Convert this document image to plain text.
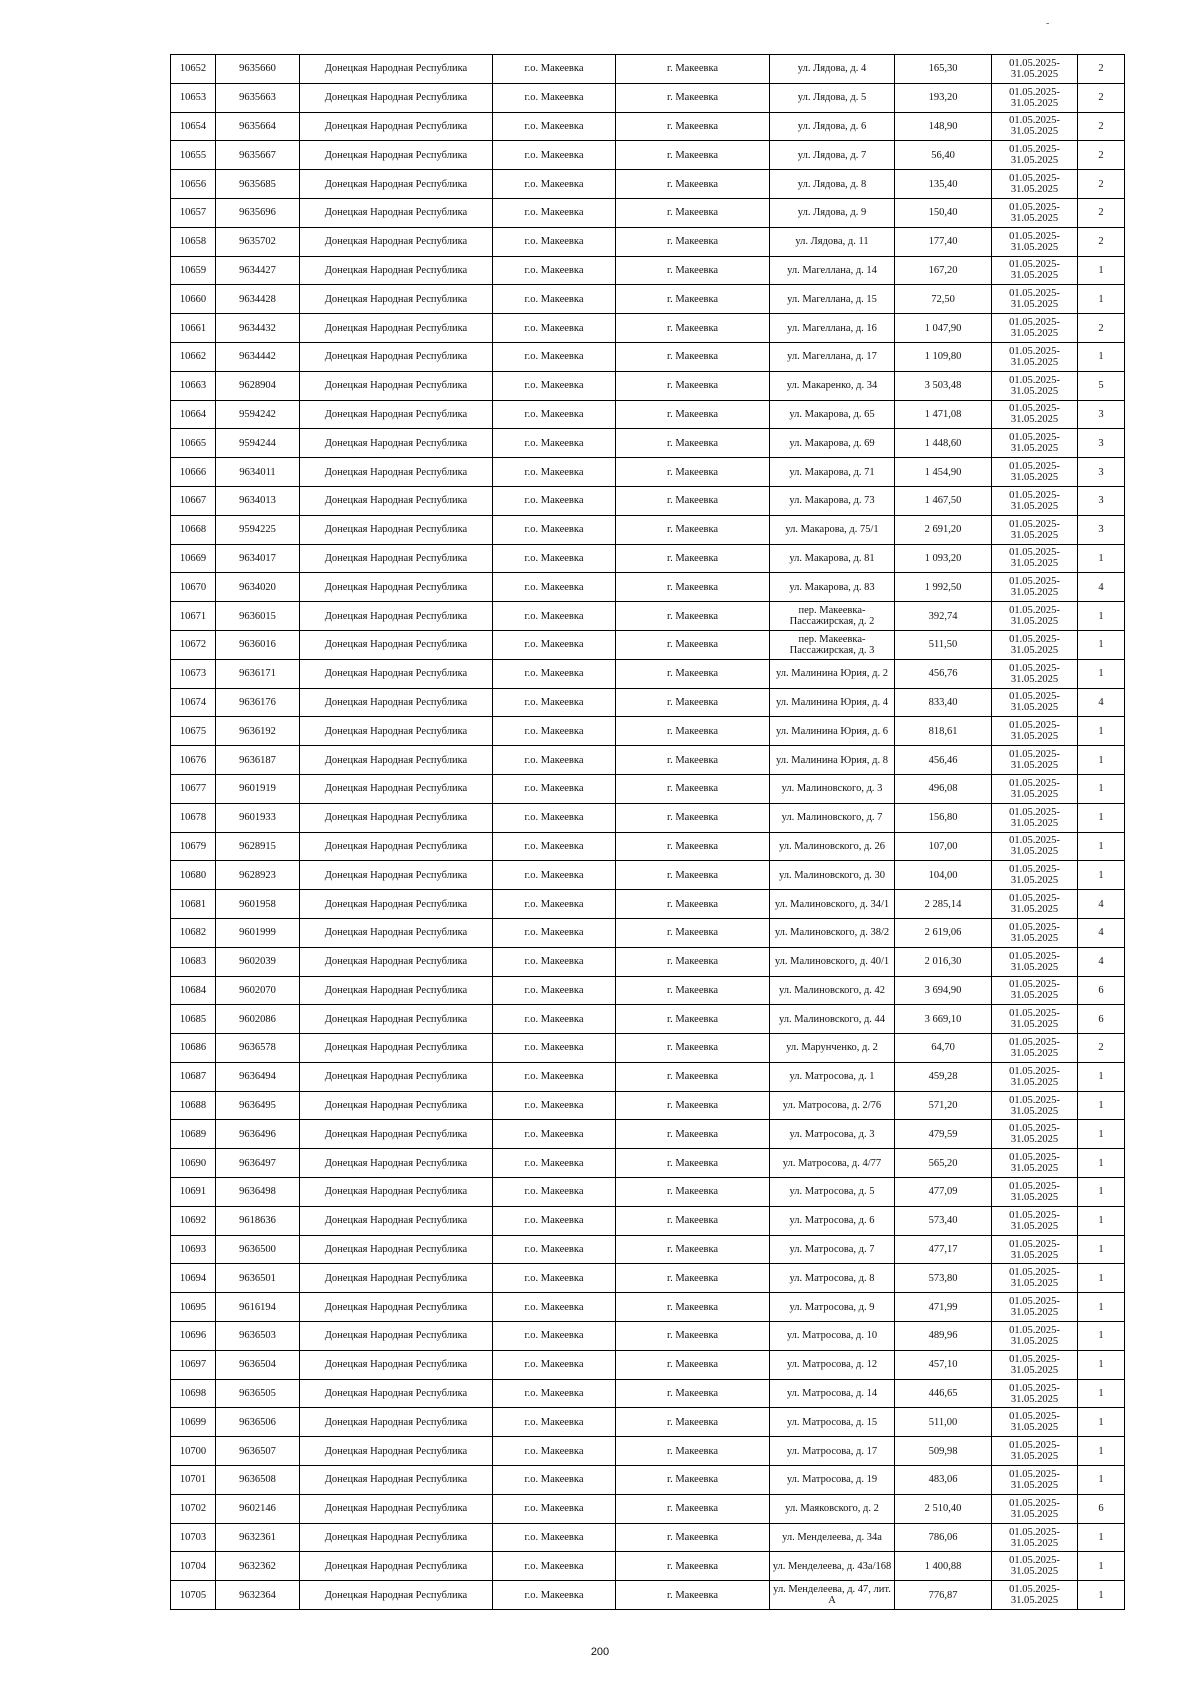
-
10652	9635660	Донецкая Народная Республика	г.о. Макеевка	г. Макеевка	ул. Лядова, д. 4	165,30	01.05.2025-31.05.2025	2
10653	9635663	Донецкая Народная Республика	г.о. Макеевка	г. Макеевка	ул. Лядова, д. 5	193,20	01.05.2025-31.05.2025	2
10654	9635664	Донецкая Народная Республика	г.о. Макеевка	г. Макеевка	ул. Лядова, д. 6	148,90	01.05.2025-31.05.2025	2
10655	9635667	Донецкая Народная Республика	г.о. Макеевка	г. Макеевка	ул. Лядова, д. 7	56,40	01.05.2025-31.05.2025	2
10656	9635685	Донецкая Народная Республика	г.о. Макеевка	г. Макеевка	ул. Лядова, д. 8	135,40	01.05.2025-31.05.2025	2
10657	9635696	Донецкая Народная Республика	г.о. Макеевка	г. Макеевка	ул. Лядова, д. 9	150,40	01.05.2025-31.05.2025	2
10658	9635702	Донецкая Народная Республика	г.о. Макеевка	г. Макеевка	ул. Лядова, д. 11	177,40	01.05.2025-31.05.2025	2
10659	9634427	Донецкая Народная Республика	г.о. Макеевка	г. Макеевка	ул. Магеллана, д. 14	167,20	01.05.2025-31.05.2025	1
10660	9634428	Донецкая Народная Республика	г.о. Макеевка	г. Макеевка	ул. Магеллана, д. 15	72,50	01.05.2025-31.05.2025	1
10661	9634432	Донецкая Народная Республика	г.о. Макеевка	г. Макеевка	ул. Магеллана, д. 16	1 047,90	01.05.2025-31.05.2025	2
10662	9634442	Донецкая Народная Республика	г.о. Макеевка	г. Макеевка	ул. Магеллана, д. 17	1 109,80	01.05.2025-31.05.2025	1
10663	9628904	Донецкая Народная Республика	г.о. Макеевка	г. Макеевка	ул. Макаренко, д. 34	3 503,48	01.05.2025-31.05.2025	5
10664	9594242	Донецкая Народная Республика	г.о. Макеевка	г. Макеевка	ул. Макарова, д. 65	1 471,08	01.05.2025-31.05.2025	3
10665	9594244	Донецкая Народная Республика	г.о. Макеевка	г. Макеевка	ул. Макарова, д. 69	1 448,60	01.05.2025-31.05.2025	3
10666	9634011	Донецкая Народная Республика	г.о. Макеевка	г. Макеевка	ул. Макарова, д. 71	1 454,90	01.05.2025-31.05.2025	3
10667	9634013	Донецкая Народная Республика	г.о. Макеевка	г. Макеевка	ул. Макарова, д. 73	1 467,50	01.05.2025-31.05.2025	3
10668	9594225	Донецкая Народная Республика	г.о. Макеевка	г. Макеевка	ул. Макарова, д. 75/1	2 691,20	01.05.2025-31.05.2025	3
10669	9634017	Донецкая Народная Республика	г.о. Макеевка	г. Макеевка	ул. Макарова, д. 81	1 093,20	01.05.2025-31.05.2025	1
10670	9634020	Донецкая Народная Республика	г.о. Макеевка	г. Макеевка	ул. Макарова, д. 83	1 992,50	01.05.2025-31.05.2025	4
10671	9636015	Донецкая Народная Республика	г.о. Макеевка	г. Макеевка	пер. Макеевка-Пассажирская, д. 2	392,74	01.05.2025-31.05.2025	1
10672	9636016	Донецкая Народная Республика	г.о. Макеевка	г. Макеевка	пер. Макеевка-Пассажирская, д. 3	511,50	01.05.2025-31.05.2025	1
10673	9636171	Донецкая Народная Республика	г.о. Макеевка	г. Макеевка	ул. Малинина Юрия, д. 2	456,76	01.05.2025-31.05.2025	1
10674	9636176	Донецкая Народная Республика	г.о. Макеевка	г. Макеевка	ул. Малинина Юрия, д. 4	833,40	01.05.2025-31.05.2025	4
10675	9636192	Донецкая Народная Республика	г.о. Макеевка	г. Макеевка	ул. Малинина Юрия, д. 6	818,61	01.05.2025-31.05.2025	1
10676	9636187	Донецкая Народная Республика	г.о. Макеевка	г. Макеевка	ул. Малинина Юрия, д. 8	456,46	01.05.2025-31.05.2025	1
10677	9601919	Донецкая Народная Республика	г.о. Макеевка	г. Макеевка	ул. Малиновского, д. 3	496,08	01.05.2025-31.05.2025	1
10678	9601933	Донецкая Народная Республика	г.о. Макеевка	г. Макеевка	ул. Малиновского, д. 7	156,80	01.05.2025-31.05.2025	1
10679	9628915	Донецкая Народная Республика	г.о. Макеевка	г. Макеевка	ул. Малиновского, д. 26	107,00	01.05.2025-31.05.2025	1
10680	9628923	Донецкая Народная Республика	г.о. Макеевка	г. Макеевка	ул. Малиновского, д. 30	104,00	01.05.2025-31.05.2025	1
10681	9601958	Донецкая Народная Республика	г.о. Макеевка	г. Макеевка	ул. Малиновского, д. 34/1	2 285,14	01.05.2025-31.05.2025	4
10682	9601999	Донецкая Народная Республика	г.о. Макеевка	г. Макеевка	ул. Малиновского, д. 38/2	2 619,06	01.05.2025-31.05.2025	4
10683	9602039	Донецкая Народная Республика	г.о. Макеевка	г. Макеевка	ул. Малиновского, д. 40/1	2 016,30	01.05.2025-31.05.2025	4
10684	9602070	Донецкая Народная Республика	г.о. Макеевка	г. Макеевка	ул. Малиновского, д. 42	3 694,90	01.05.2025-31.05.2025	6
10685	9602086	Донецкая Народная Республика	г.о. Макеевка	г. Макеевка	ул. Малиновского, д. 44	3 669,10	01.05.2025-31.05.2025	6
10686	9636578	Донецкая Народная Республика	г.о. Макеевка	г. Макеевка	ул. Марунченко, д. 2	64,70	01.05.2025-31.05.2025	2
10687	9636494	Донецкая Народная Республика	г.о. Макеевка	г. Макеевка	ул. Матросова, д. 1	459,28	01.05.2025-31.05.2025	1
10688	9636495	Донецкая Народная Республика	г.о. Макеевка	г. Макеевка	ул. Матросова, д. 2/76	571,20	01.05.2025-31.05.2025	1
10689	9636496	Донецкая Народная Республика	г.о. Макеевка	г. Макеевка	ул. Матросова, д. 3	479,59	01.05.2025-31.05.2025	1
10690	9636497	Донецкая Народная Республика	г.о. Макеевка	г. Макеевка	ул. Матросова, д. 4/77	565,20	01.05.2025-31.05.2025	1
10691	9636498	Донецкая Народная Республика	г.о. Макеевка	г. Макеевка	ул. Матросова, д. 5	477,09	01.05.2025-31.05.2025	1
10692	9618636	Донецкая Народная Республика	г.о. Макеевка	г. Макеевка	ул. Матросова, д. 6	573,40	01.05.2025-31.05.2025	1
10693	9636500	Донецкая Народная Республика	г.о. Макеевка	г. Макеевка	ул. Матросова, д. 7	477,17	01.05.2025-31.05.2025	1
10694	9636501	Донецкая Народная Республика	г.о. Макеевка	г. Макеевка	ул. Матросова, д. 8	573,80	01.05.2025-31.05.2025	1
10695	9616194	Донецкая Народная Республика	г.о. Макеевка	г. Макеевка	ул. Матросова, д. 9	471,99	01.05.2025-31.05.2025	1
10696	9636503	Донецкая Народная Республика	г.о. Макеевка	г. Макеевка	ул. Матросова, д. 10	489,96	01.05.2025-31.05.2025	1
10697	9636504	Донецкая Народная Республика	г.о. Макеевка	г. Макеевка	ул. Матросова, д. 12	457,10	01.05.2025-31.05.2025	1
10698	9636505	Донецкая Народная Республика	г.о. Макеевка	г. Макеевка	ул. Матросова, д. 14	446,65	01.05.2025-31.05.2025	1
10699	9636506	Донецкая Народная Республика	г.о. Макеевка	г. Макеевка	ул. Матросова, д. 15	511,00	01.05.2025-31.05.2025	1
10700	9636507	Донецкая Народная Республика	г.о. Макеевка	г. Макеевка	ул. Матросова, д. 17	509,98	01.05.2025-31.05.2025	1
10701	9636508	Донецкая Народная Республика	г.о. Макеевка	г. Макеевка	ул. Матросова, д. 19	483,06	01.05.2025-31.05.2025	1
10702	9602146	Донецкая Народная Республика	г.о. Макеевка	г. Макеевка	ул. Маяковского, д. 2	2 510,40	01.05.2025-31.05.2025	6
10703	9632361	Донецкая Народная Республика	г.о. Макеевка	г. Макеевка	ул. Менделеева, д. 34а	786,06	01.05.2025-31.05.2025	1
10704	9632362	Донецкая Народная Республика	г.о. Макеевка	г. Макеевка	ул. Менделеева, д. 43а/168	1 400,88	01.05.2025-31.05.2025	1
10705	9632364	Донецкая Народная Республика	г.о. Макеевка	г. Макеевка	ул. Менделеева, д. 47, лит. А	776,87	01.05.2025-31.05.2025	1
200
